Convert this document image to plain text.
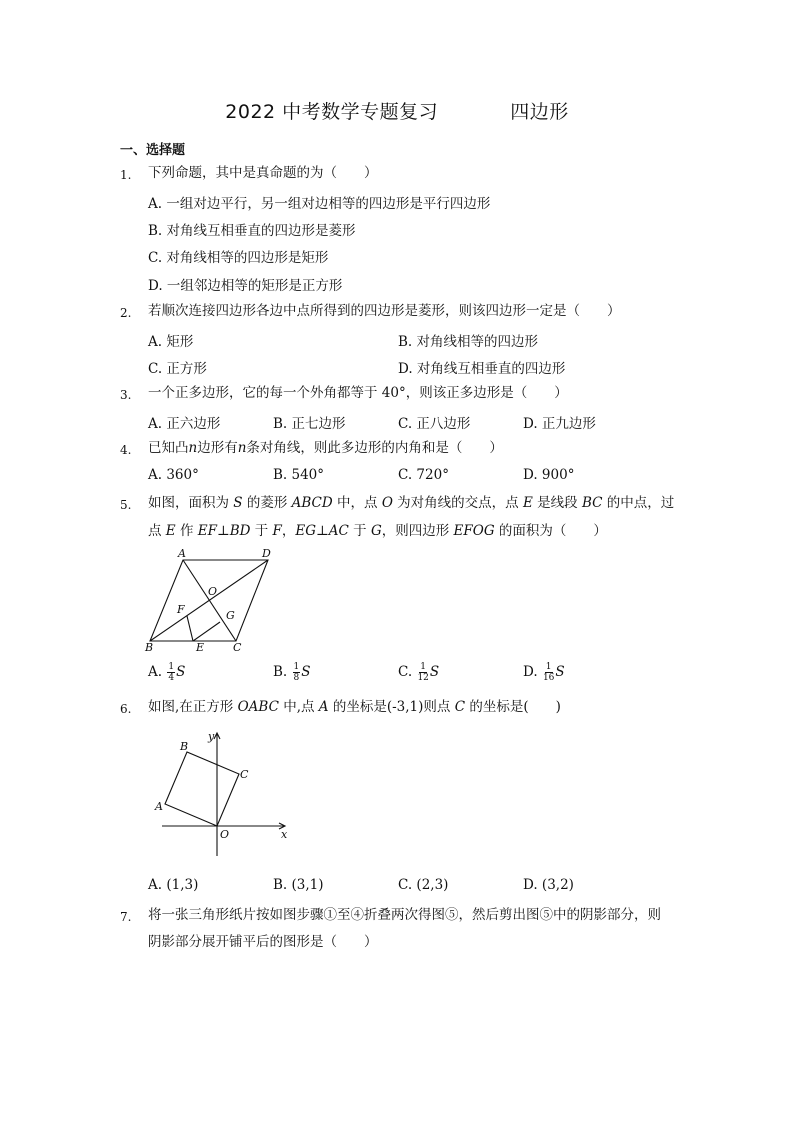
2022 中考数学专题复习	四边形
一、选择题
1. 下列命题，其中是真命题的为（　　）
A. 一组对边平行，另一组对边相等的四边形是平行四边形
B. 对角线互相垂直的四边形是菱形
C. 对角线相等的四边形是矩形
D. 一组邻边相等的矩形是正方形
2. 若顺次连接四边形各边中点所得到的四边形是菱形，则该四边形一定是（　　）
A. 矩形	B. 对角线相等的四边形
C. 正方形	D. 对角线互相垂直的四边形
3. 一个正多边形，它的每一个外角都等于 40°，则该正多边形是（　　）
A. 正六边形	B. 正七边形	C. 正八边形	D. 正九边形
4. 已知凸n边形有n条对角线，则此多边形的内角和是（　　）
A. 360°	B. 540°	C. 720°	D. 900°
5. 如图，面积为 S 的菱形 ABCD 中，点 O 为对角线的交点，点 E 是线段 BC 的中点，过
点 E 作 EF⊥BD 于 F，EG⊥AC 于 G，则四边形 EFOG 的面积为（　　）
A	D
O
F	G
B	E	C
A. $\frac{1}{4}$ S	B. $\frac{1}{8}$ S	C. $\frac{1}{12}$ S	D. $\frac{1}{16}$ S
6. 如图,在正方形 OABC 中,点 A 的坐标是(-3,1)则点 C 的坐标是(　　)
y
x
B
C
A
O
A. (1,3)	B. (3,1)	C. (2,3)	D. (3,2)
7. 将一张三角形纸片按如图步骤①至④折叠两次得图⑤，然后剪出图⑤中的阴影部分，则
阴影部分展开铺平后的图形是（　　）
